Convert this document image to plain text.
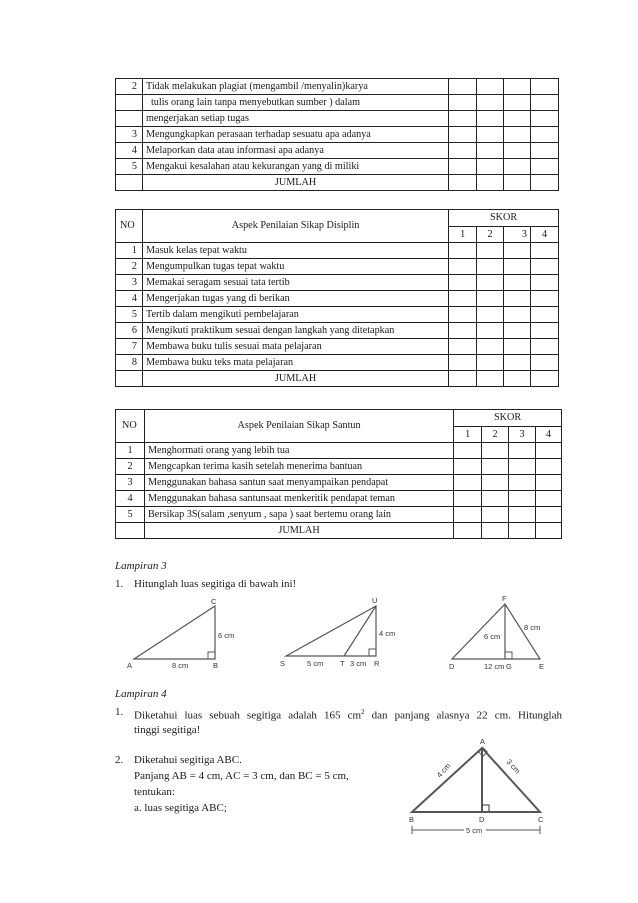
2	Tidak melakukan plagiat (mengambil /menyalin)karya				
	tulis orang lain tanpa menyebutkan sumber ) dalam				
	mengerjakan setiap tugas				
3	Mengungkapkan perasaan terhadap sesuatu apa adanya				
4	Melaporkan data atau informasi apa adanya				
5	Mengakui kesalahan atau kekurangan yang di miliki				
	JUMLAH				
NO	Aspek Penilaian Sikap Disiplin	SKOR			
		1	2	3	4
1	Masuk kelas tepat waktu				
2	Mengumpulkan tugas tepat waktu				
3	Memakai seragam sesuai tata tertib				
4	Mengerjakan tugas yang di berikan				
5	Tertib dalam mengikuti pembelajaran				
6	Mengikuti praktikum sesuai dengan langkah yang ditetapkan				
7	Membawa buku tulis sesuai mata pelajaran				
8	Membawa buku teks mata pelajaran				
	JUMLAH				
NO	Aspek Penilaian Sikap Santun	SKOR			
		1	2	3	4
1	Menghormati orang yang lebih tua				
2	Mengcapkan terima kasih setelah menerima bantuan				
3	Menggunakan bahasa santun saat menyampaikan pendapat				
4	Menggunakan bahasa santunsaat menkeritik pendapat teman				
5	Bersikap 3S(salam ,senyum , sapa ) saat bertemu orang lain				
	JUMLAH				

Lampiran 3

1. Hitunglah luas segitiga di bawah ini!

A	B
C
6 cm
8 cm	S	T	R
U
5 cm	3 cm
4 cm
D	E
F
G
12 cm
6 cm
8 cm

Lampiran 4

1. Diketahui luas sebuah segitiga adalah 165 $cm^2$ dan panjang alasnya 22 cm. Hitunglah

tinggi segitiga!

2. Diketahui segitiga ABC.

Panjang AB = 4 cm, AC = 3 cm, dan BC = 5 cm,

tentukan:

a. luas segitiga ABC;

A
B	C
D
5 cm
4 cm	3 cm
